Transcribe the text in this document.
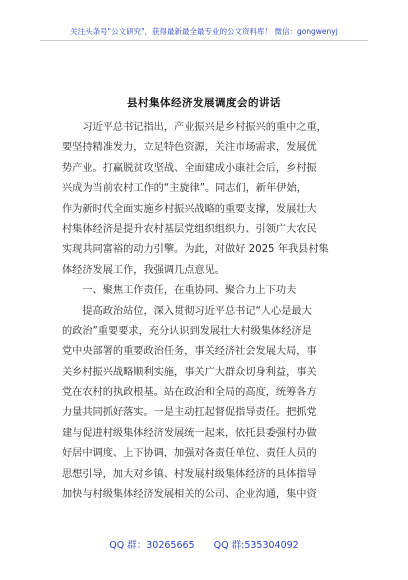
关注头条号"公文研究"，获得最新最全最专业的公文资料库！ 微信：gongwenyj
县村集体经济发展调度会的讲话
　　习近平总书记指出，产业振兴是乡村振兴的重中之重，
要坚持精准发力，立足特色资源，关注市场需求，发展优
势产业。打赢脱贫攻坚战、全面建成小康社会后，乡村振
兴成为当前农村工作的“主旋律”。同志们，新年伊始，
作为新时代全面实施乡村振兴战略的重要支撑，发展壮大
村集体经济是提升农村基层党组织组织力、引领广大农民
实现共同富裕的动力引擎。为此，对做好 2025 年我县村集
体经济发展工作，我强调几点意见。
　　一、聚焦工作责任，在重协同、聚合力上下功夫
　　提高政治站位，深入贯彻习近平总书记“人心是最大
的政治”重要要求，充分认识到发展壮大村级集体经济是
党中央部署的重要政治任务，事关经济社会发展大局，事
关乡村振兴战略顺利实施，事关广大群众切身利益，事关
党在农村的执政根基。站在政治和全局的高度，统筹各方
力量共同抓好落实。一是主动扛起督促指导责任。把抓党
建与促进村级集体经济发展统一起来，依托县委强村办做
好居中调度、上下协调，加强对各责任单位、责任人员的
思想引导，加大对乡镇、村发展村级集体经济的具体指导
加快与村级集体经济发展相关的公司、企业沟通，集中资
QQ 群：30265665 QQ 群:535304092
